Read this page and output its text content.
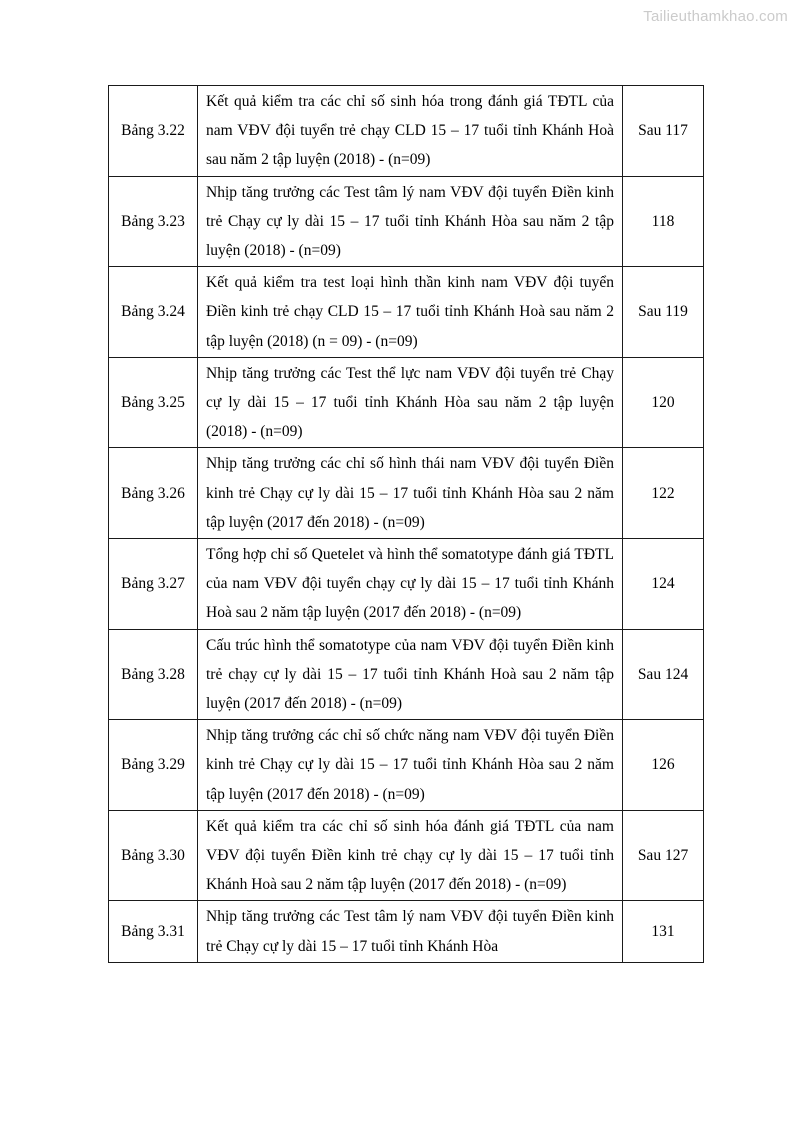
Tailieuthamkhao.com
Bảng 3.22	Kết quả kiểm tra các chỉ số sinh hóa trong đánh giá TĐTL của nam VĐV đội tuyển trẻ chạy CLD 15 – 17 tuổi tỉnh Khánh Hoà sau năm 2 tập luyện (2018) - (n=09)	Sau 117
Bảng 3.23	Nhịp tăng trưởng các Test tâm lý nam VĐV đội tuyển Điền kinh trẻ Chạy cự ly dài 15 – 17 tuổi tỉnh Khánh Hòa sau năm 2 tập luyện (2018) - (n=09)	118
Bảng 3.24	Kết quả kiểm tra test loại hình thần kinh nam VĐV đội tuyển Điền kinh trẻ chạy CLD 15 – 17 tuổi tỉnh Khánh Hoà sau năm 2 tập luyện (2018) (n = 09) - (n=09)	Sau 119
Bảng 3.25	Nhịp tăng trưởng các Test thể lực nam VĐV đội tuyển trẻ Chạy cự ly dài 15 – 17 tuổi tỉnh Khánh Hòa sau năm 2 tập luyện (2018) - (n=09)	120
Bảng 3.26	Nhịp tăng trưởng các chỉ số hình thái nam VĐV đội tuyển Điền kinh trẻ Chạy cự ly dài 15 – 17 tuổi tỉnh Khánh Hòa sau 2 năm tập luyện (2017 đến 2018) - (n=09)	122
Bảng 3.27	Tổng hợp chỉ số Quetelet và hình thể somatotype đánh giá TĐTL của nam VĐV đội tuyển chạy cự ly dài 15 – 17 tuổi tỉnh Khánh Hoà sau 2 năm tập luyện (2017 đến 2018) - (n=09)	124
Bảng 3.28	Cấu trúc hình thể somatotype của nam VĐV đội tuyển Điền kinh trẻ chạy cự ly dài 15 – 17 tuổi tỉnh Khánh Hoà sau 2 năm tập luyện (2017 đến 2018) - (n=09)	Sau 124
Bảng 3.29	Nhịp tăng trưởng các chỉ số chức năng nam VĐV đội tuyển Điền kinh trẻ Chạy cự ly dài 15 – 17 tuổi tỉnh Khánh Hòa sau 2 năm tập luyện (2017 đến 2018) - (n=09)	126
Bảng 3.30	Kết quả kiểm tra các chỉ số sinh hóa đánh giá TĐTL của nam VĐV đội tuyển Điền kinh trẻ chạy cự ly dài 15 – 17 tuổi tỉnh Khánh Hoà sau 2 năm tập luyện (2017 đến 2018) - (n=09)	Sau 127
Bảng 3.31	Nhịp tăng trưởng các Test tâm lý nam VĐV đội tuyển Điền kinh trẻ Chạy cự ly dài 15 – 17 tuổi tỉnh Khánh Hòa	131
